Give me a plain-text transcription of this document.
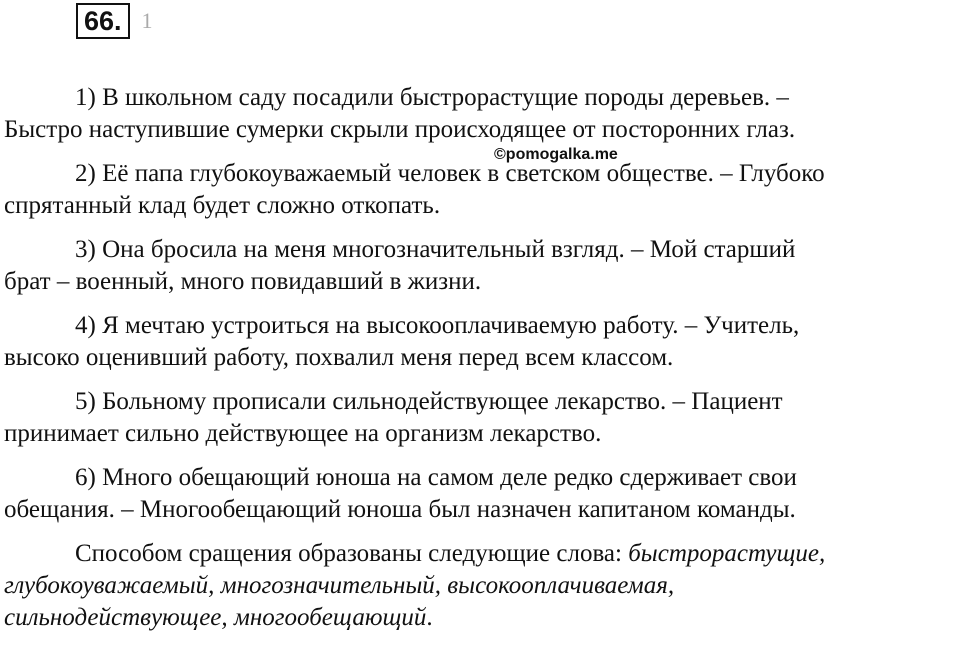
66. 1
©pomogalka.me

1) В школьном саду посадили быстрорастущие породы деревьев. –
Быстро наступившие сумерки скрыли происходящее от посторонних глаз.

2) Её папа глубокоуважаемый человек в светском обществе. – Глубоко
спрятанный клад будет сложно откопать.

3) Она бросила на меня многозначительный взгляд. – Мой старший
брат – военный, много повидавший в жизни.

4) Я мечтаю устроиться на высокооплачиваемую работу. – Учитель,
высоко оценивший работу, похвалил меня перед всем классом.

5) Больному прописали сильнодействующее лекарство. – Пациент
принимает сильно действующее на организм лекарство.

6) Много обещающий юноша на самом деле редко сдерживает свои
обещания. – Многообещающий юноша был назначен капитаном команды.

Способом сращения образованы следующие слова: быстрорастущие,
глубокоуважаемый, многозначительный, высокооплачиваемая,
сильнодействующее, многообещающий.
